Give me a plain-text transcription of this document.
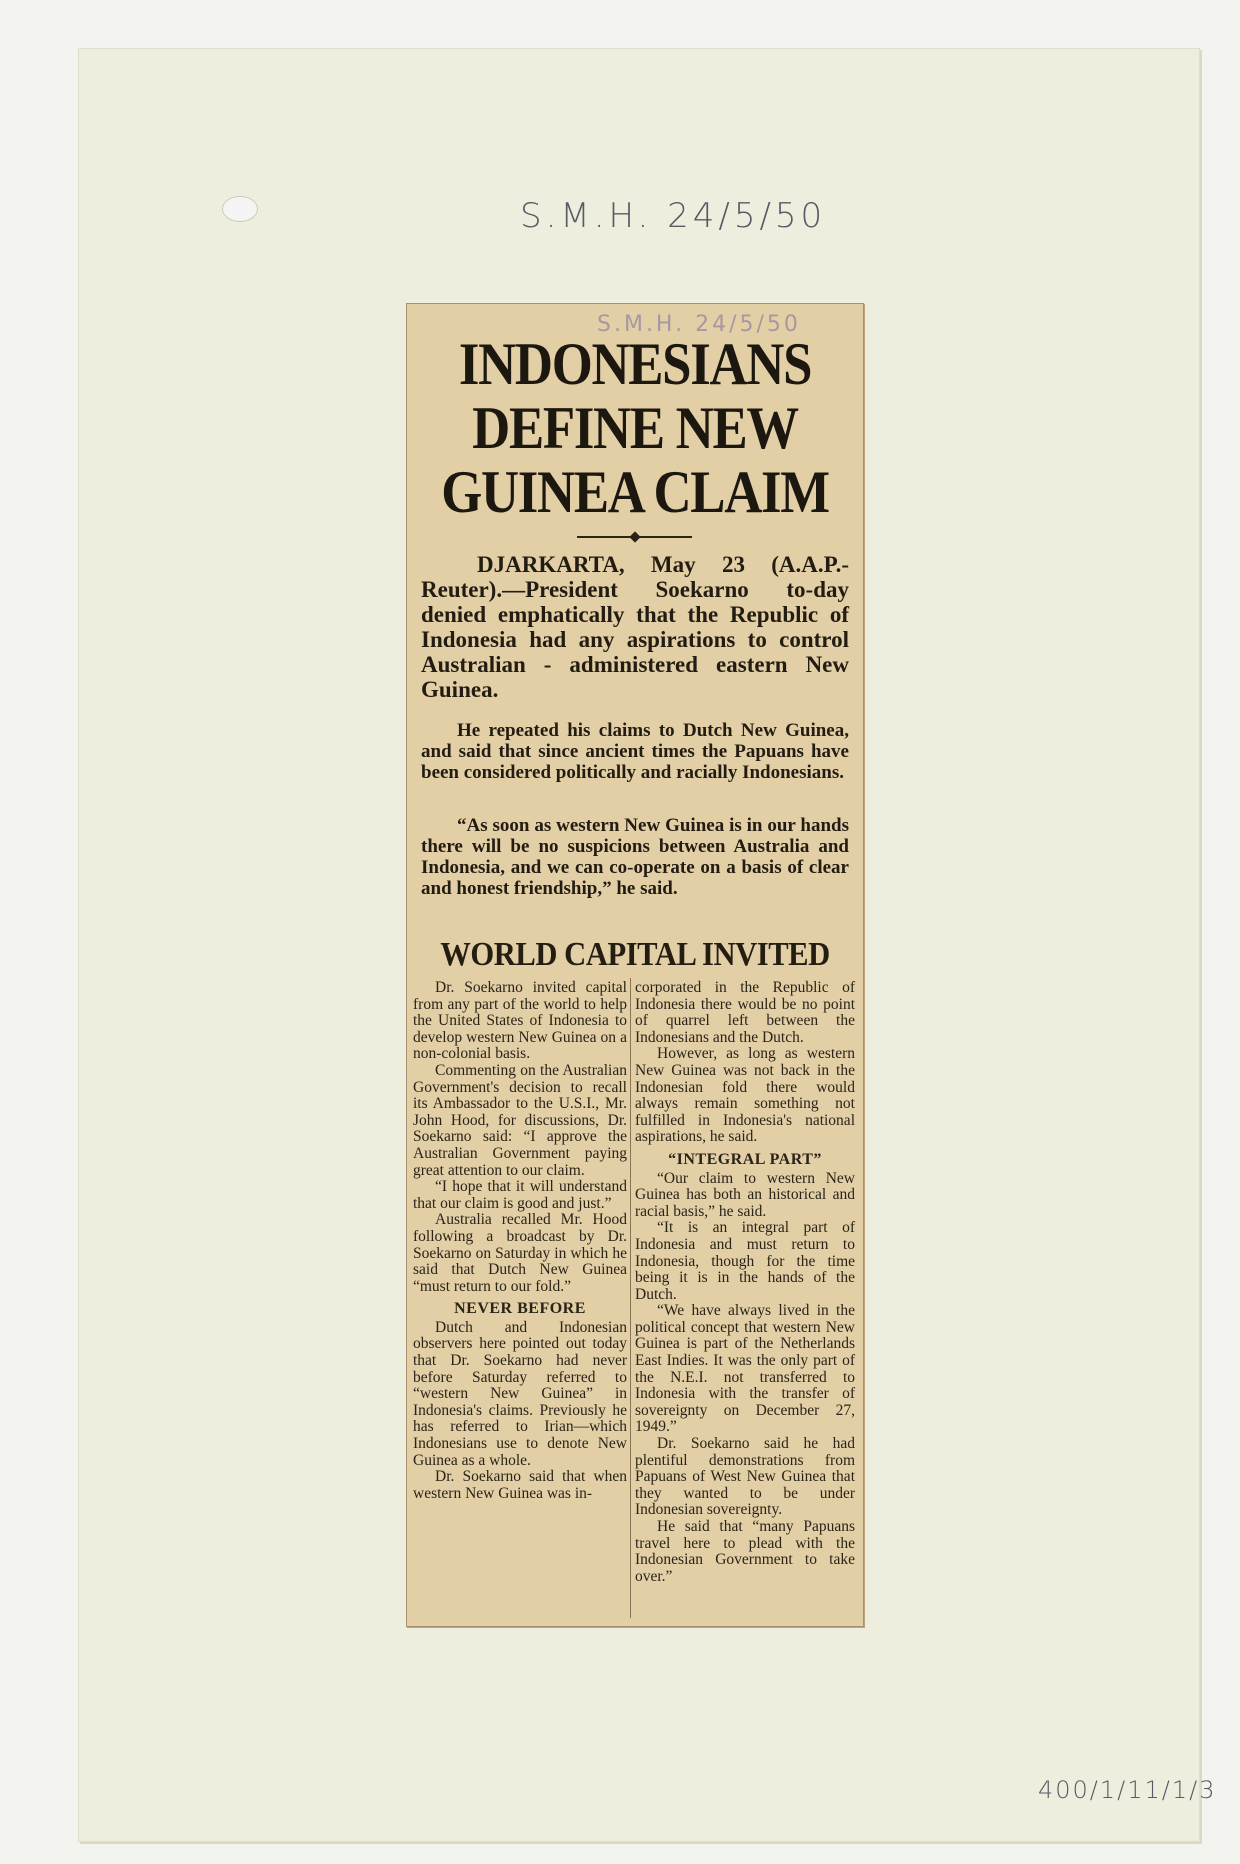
S.M.H. 24/5/50
400/1/11/1/3
S.M.H. 24/5/50
INDONESIANS DEFINE NEW GUINEA CLAIM

DJARKARTA, May 23 (A.A.P.-Reuter).—President Soekarno to-day denied emphatically that the Republic of Indonesia had any aspirations to control Australian - administered eastern New Guinea.

He repeated his claims to Dutch New Guinea, and said that since ancient times the Papuans have been considered politically and racially Indonesians.

“As soon as western New Guinea is in our hands there will be no suspicions between Australia and Indonesia, and we can co-operate on a basis of clear and honest friendship,” he said.

WORLD CAPITAL INVITED

Dr. Soekarno invited capital from any part of the world to help the United States of Indonesia to develop western New Guinea on a non-colonial basis.

Commenting on the Australian Government's decision to recall its Ambassador to the U.S.I., Mr. John Hood, for discussions, Dr. Soekarno said: “I approve the Australian Government paying great attention to our claim.

“I hope that it will understand that our claim is good and just.”

Australia recalled Mr. Hood following a broadcast by Dr. Soekarno on Saturday in which he said that Dutch New Guinea “must return to our fold.”

NEVER BEFORE

Dutch and Indonesian observers here pointed out today that Dr. Soekarno had never before Saturday referred to “western New Guinea” in Indonesia's claims. Previously he has referred to Irian—which Indonesians use to denote New Guinea as a whole.

Dr. Soekarno said that when western New Guinea was in-

corporated in the Republic of Indonesia there would be no point of quarrel left between the Indonesians and the Dutch.

However, as long as western New Guinea was not back in the Indonesian fold there would always remain something not fulfilled in Indonesia's national aspirations, he said.

“INTEGRAL PART”

“Our claim to western New Guinea has both an historical and racial basis,” he said.

“It is an integral part of Indonesia and must return to Indonesia, though for the time being it is in the hands of the Dutch.

“We have always lived in the political concept that western New Guinea is part of the Netherlands East Indies. It was the only part of the N.E.I. not transferred to Indonesia with the transfer of sovereignty on December 27, 1949.”

Dr. Soekarno said he had plentiful demonstrations from Papuans of West New Guinea that they wanted to be under Indonesian sovereignty.

He said that “many Papuans travel here to plead with the Indonesian Government to take over.”
